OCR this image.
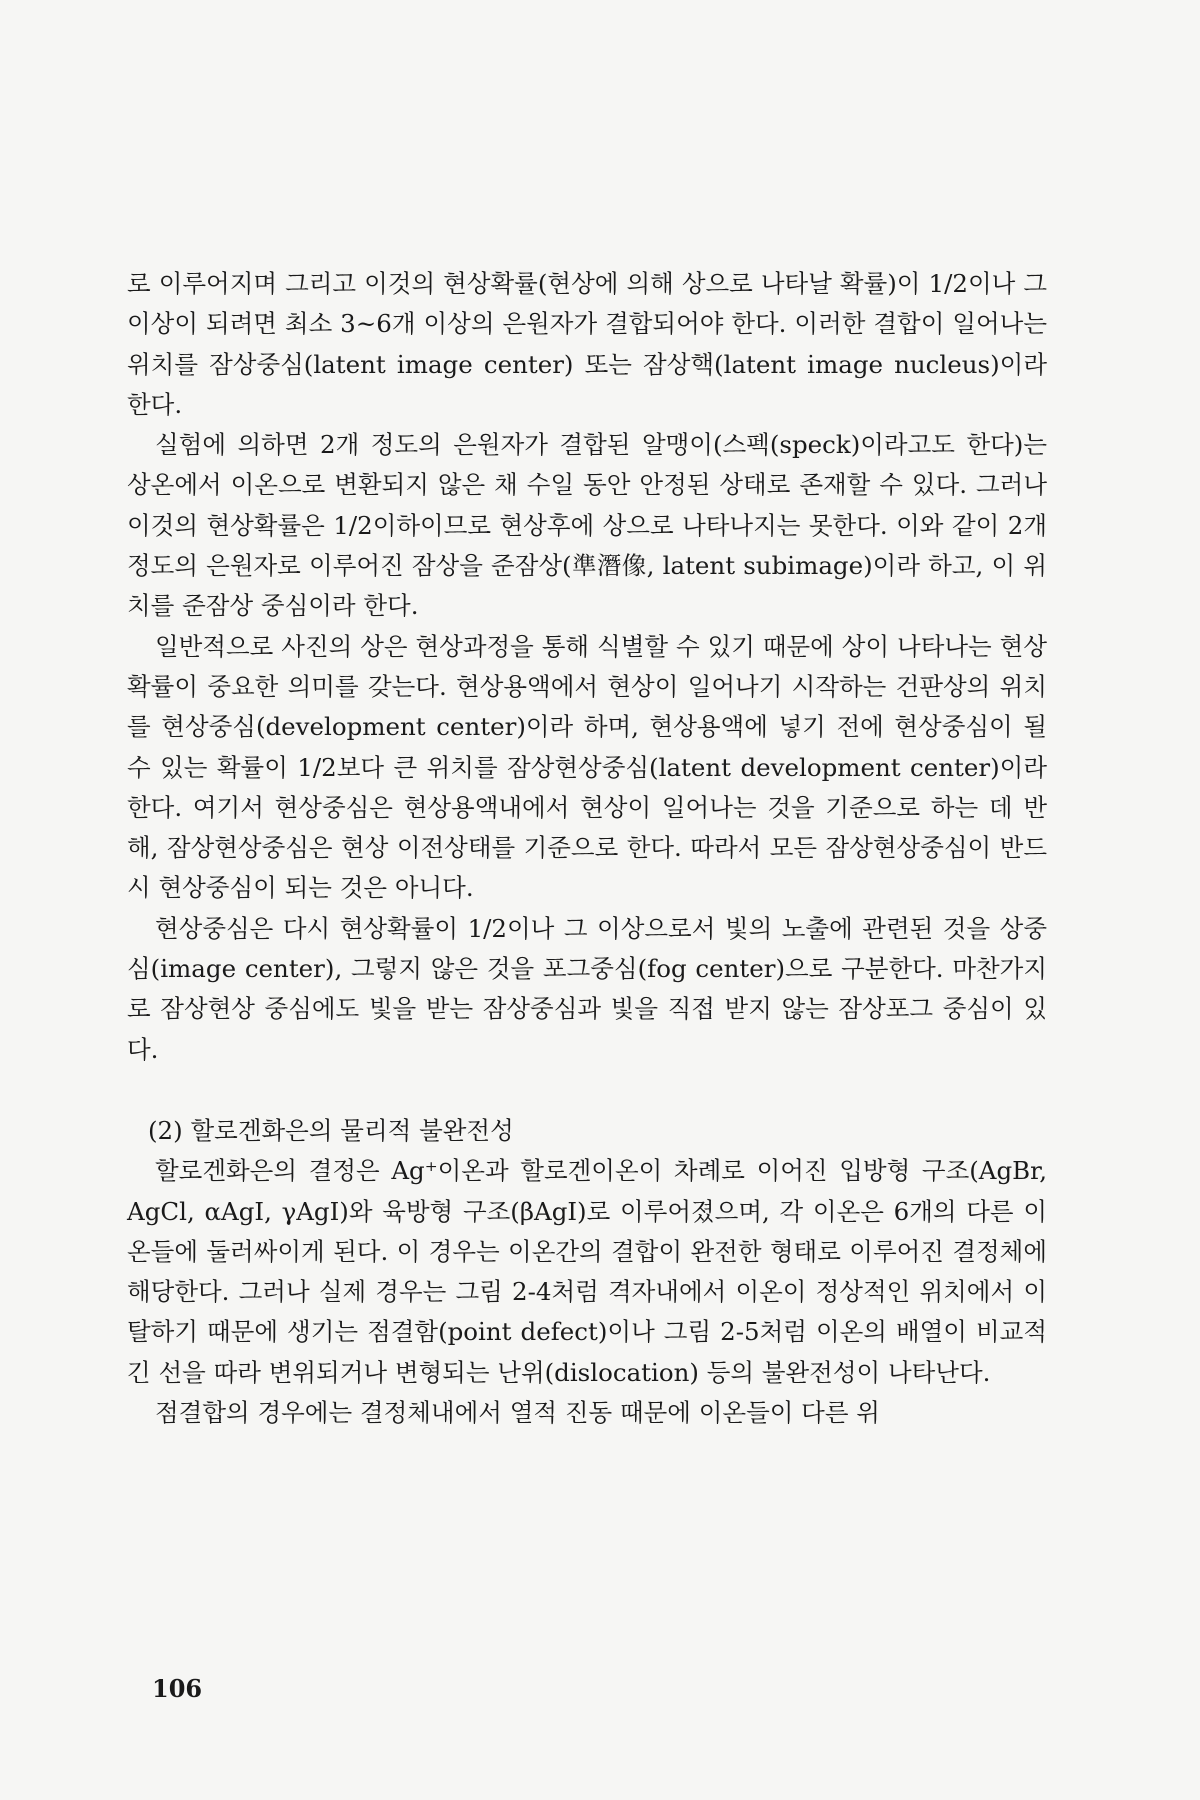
로 이루어지며 그리고 이것의 현상확률(현상에 의해 상으로 나타날 확률)이 1/2이나 그 이상이 되려면 최소 3~6개 이상의 은원자가 결합되어야 한다. 이러한 결합이 일어나는 위치를 잠상중심(latent image center) 또는 잠상핵(latent image nucleus)이라 한다.

실험에 의하면 2개 정도의 은원자가 결합된 알맹이(스펙(speck)이라고도 한다)는 상온에서 이온으로 변환되지 않은 채 수일 동안 안정된 상태로 존재할 수 있다. 그러나 이것의 현상확률은 1/2이하이므로 현상후에 상으로 나타나지는 못한다. 이와 같이 2개 정도의 은원자로 이루어진 잠상을 준잠상(準潛像, latent subimage)이라 하고, 이 위치를 준잠상 중심이라 한다.

일반적으로 사진의 상은 현상과정을 통해 식별할 수 있기 때문에 상이 나타나는 현상확률이 중요한 의미를 갖는다. 현상용액에서 현상이 일어나기 시작하는 건판상의 위치를 현상중심(development center)이라 하며, 현상용액에 넣기 전에 현상중심이 될 수 있는 확률이 1/2보다 큰 위치를 잠상현상중심(latent development center)이라 한다. 여기서 현상중심은 현상용액내에서 현상이 일어나는 것을 기준으로 하는 데 반해, 잠상현상중심은 현상 이전상태를 기준으로 한다. 따라서 모든 잠상현상중심이 반드시 현상중심이 되는 것은 아니다.

현상중심은 다시 현상확률이 1/2이나 그 이상으로서 빛의 노출에 관련된 것을 상중심(image center), 그렇지 않은 것을 포그중심(fog center)으로 구분한다. 마찬가지로 잠상현상 중심에도 빛을 받는 잠상중심과 빛을 직접 받지 않는 잠상포그 중심이 있다.

(2) 할로겐화은의 물리적 불완전성

할로겐화은의 결정은 Ag⁺이온과 할로겐이온이 차례로 이어진 입방형 구조(AgBr, AgCl, αAgI, γAgI)와 육방형 구조(βAgI)로 이루어졌으며, 각 이온은 6개의 다른 이온들에 둘러싸이게 된다. 이 경우는 이온간의 결합이 완전한 형태로 이루어진 결정체에 해당한다. 그러나 실제 경우는 그림 2-4처럼 격자내에서 이온이 정상적인 위치에서 이탈하기 때문에 생기는 점결함(point defect)이나 그림 2-5처럼 이온의 배열이 비교적 긴 선을 따라 변위되거나 변형되는 난위(dislocation) 등의 불완전성이 나타난다.

점결합의 경우에는 결정체내에서 열적 진동 때문에 이온들이 다른 위

106
